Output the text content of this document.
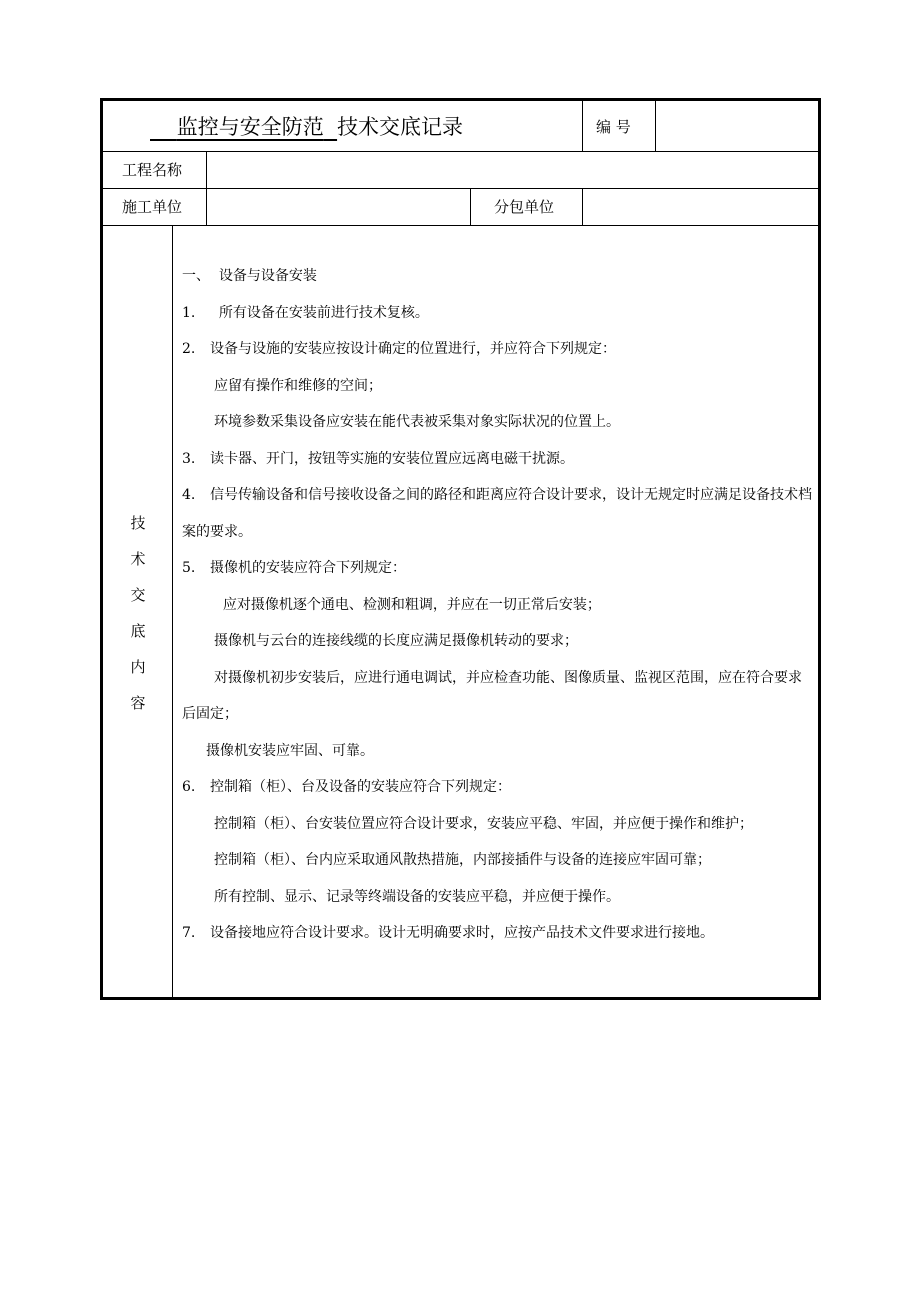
监控与安全防范 技术交底记录	编 号
工程名称
施工单位	分包单位
技
术
交
底
内
容

一、  设备与设备安装

1.  所有设备在安装前进行技术复核。

2. 设备与设施的安装应按设计确定的位置进行，并应符合下列规定：

应留有操作和维修的空间；

环境参数采集设备应安装在能代表被采集对象实际状况的位置上。

3. 读卡器、开门，按钮等实施的安装位置应远离电磁干扰源。

4. 信号传输设备和信号接收设备之间的路径和距离应符合设计要求，设计无规定时应满足设备技术档案的要求。

5. 摄像机的安装应符合下列规定：

应对摄像机逐个通电、检测和粗调，并应在一切正常后安装；

摄像机与云台的连接线缆的长度应满足摄像机转动的要求；

对摄像机初步安装后，应进行通电调试，并应检查功能、图像质量、监视区范围，应在符合要求后固定；

摄像机安装应牢固、可靠。

6. 控制箱（柜）、台及设备的安装应符合下列规定：

控制箱（柜）、台安装位置应符合设计要求，安装应平稳、牢固，并应便于操作和维护；

控制箱（柜）、台内应采取通风散热措施，内部接插件与设备的连接应牢固可靠；

所有控制、显示、记录等终端设备的安装应平稳，并应便于操作。

7. 设备接地应符合设计要求。设计无明确要求时，应按产品技术文件要求进行接地。
